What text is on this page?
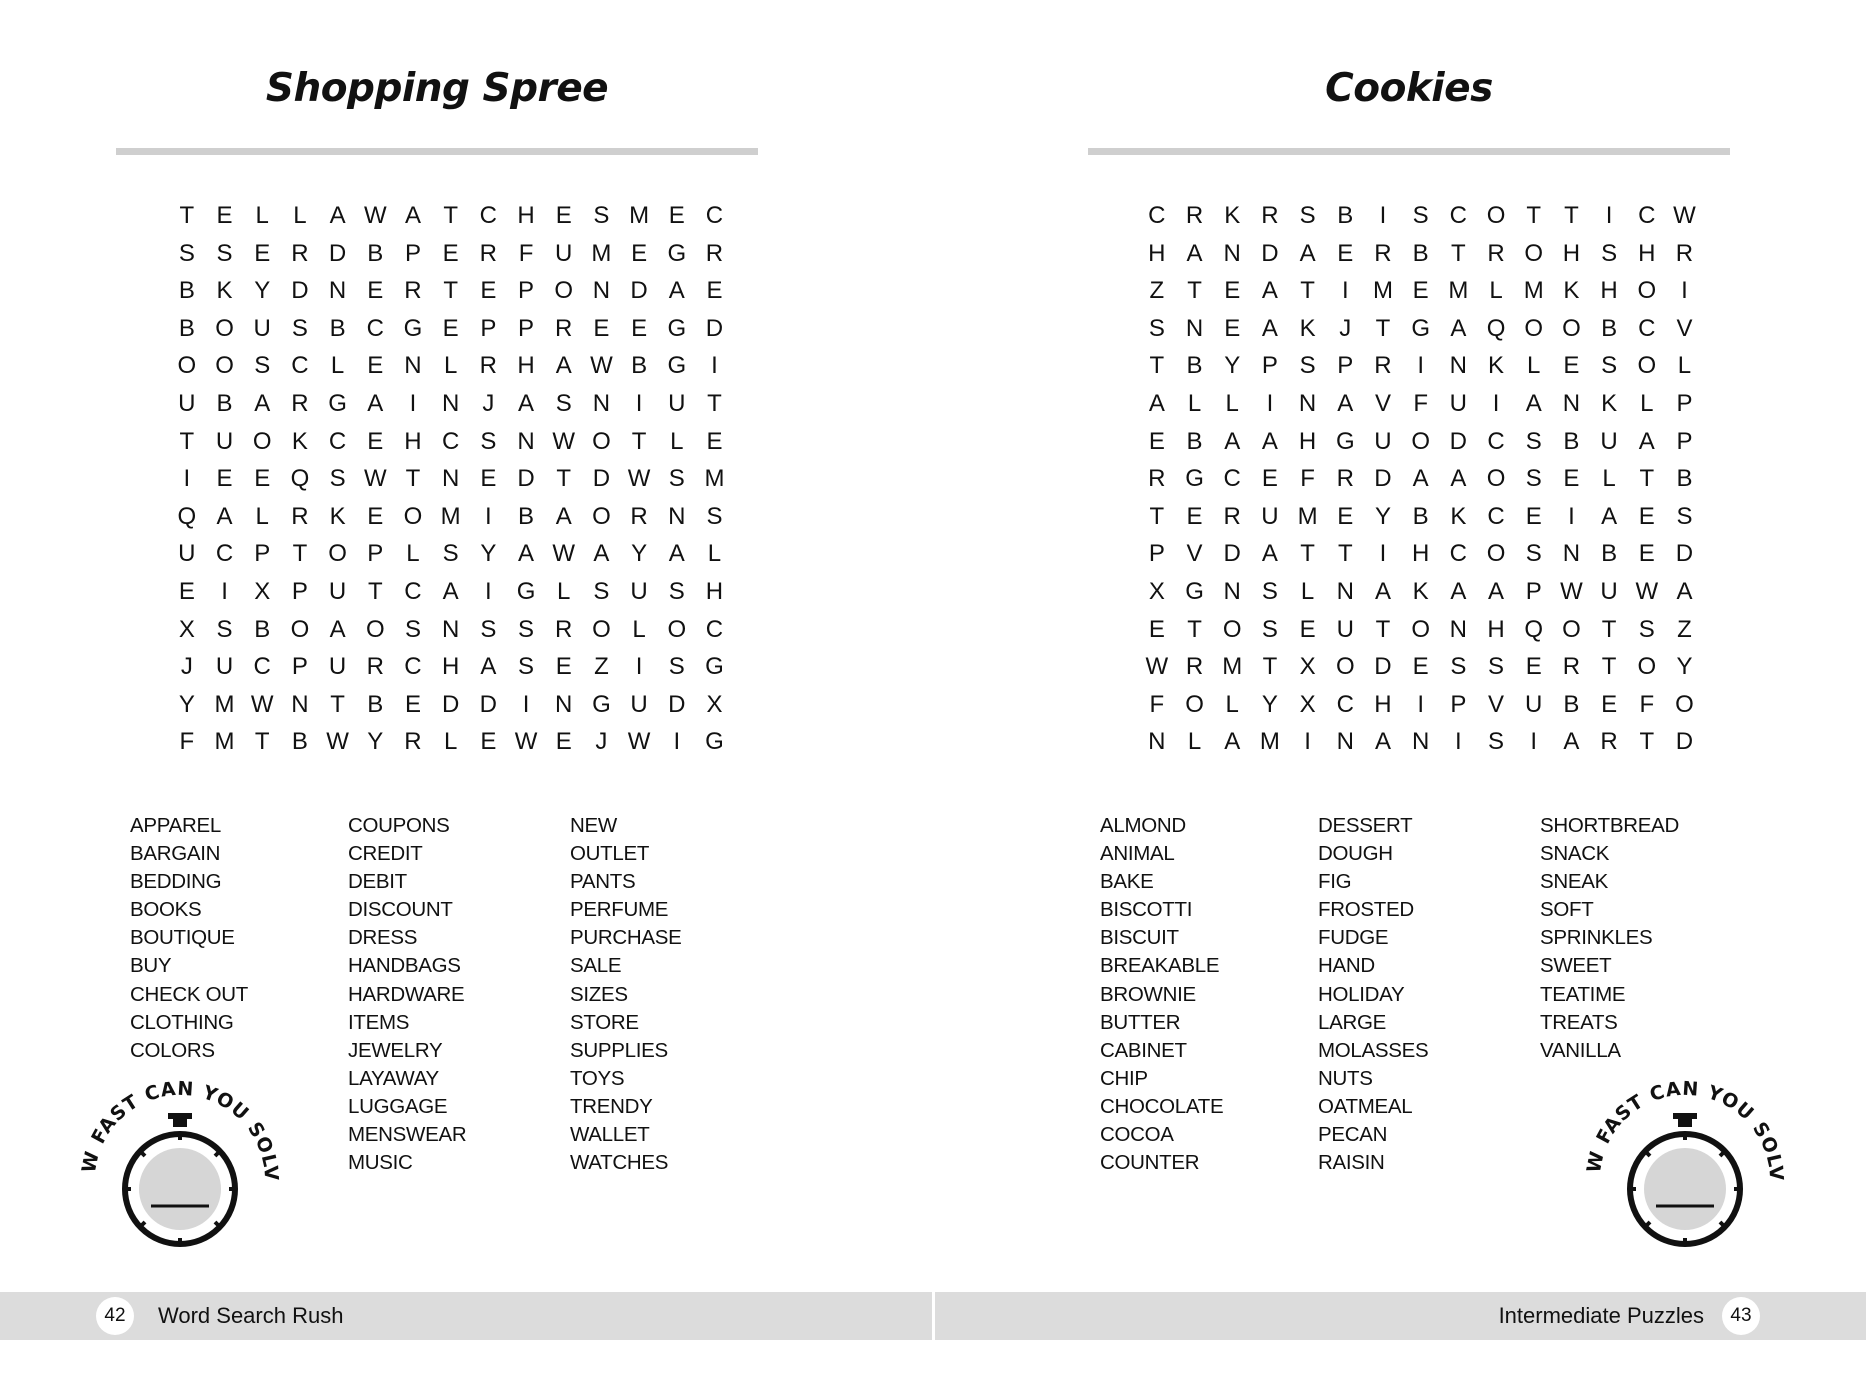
Shopping Spree
T E L L A W A T C H E S M E C
S S E R D B P E R F U M E G R
B K Y D N E R T E P O N D A E
B O U S B C G E P P R E E G D
O O S C L E N L R H A W B G I
U B A R G A I N J A S N I U T
T U O K C E H C S N W O T L E
I E E Q S W T N E D T D W S M
Q A L R K E O M I B A O R N S
U C P T O P L S Y A W A Y A L
E I X P U T C A I G L S U S H
X S B O A O S N S S R O L O C
J U C P U R C H A S E Z I S G
Y M W N T B E D D I N G U D X
F M T B W Y R L E W E J W I G
APPAREL
BARGAIN
BEDDING
BOOKS
BOUTIQUE
BUY
CHECK OUT
CLOTHING
COLORS
COUPONS
CREDIT
DEBIT
DISCOUNT
DRESS
HANDBAGS
HARDWARE
ITEMS
JEWELRY
LAYAWAY
LUGGAGE
MENSWEAR
MUSIC
NEW
OUTLET
PANTS
PERFUME
PURCHASE
SALE
SIZES
STORE
SUPPLIES
TOYS
TRENDY
WALLET
WATCHES
W FAST CAN YOU SOLV
Cookies
C R K R S B I S C O T T I C W
H A N D A E R B T R O H S H R
Z T E A T I M E M L M K H O I
S N E A K J T G A Q O O B C V
T B Y P S P R I N K L E S O L
A L L I N A V F U I A N K L P
E B A A H G U O D C S B U A P
R G C E F R D A A O S E L T B
T E R U M E Y B K C E I A E S
P V D A T T I H C O S N B E D
X G N S L N A K A A P W U W A
E T O S E U T O N H Q O T S Z
W R M T X O D E S S E R T O Y
F O L Y X C H I P V U B E F O
N L A M I N A N I S I A R T D
ALMOND
ANIMAL
BAKE
BISCOTTI
BISCUIT
BREAKABLE
BROWNIE
BUTTER
CABINET
CHIP
CHOCOLATE
COCOA
COUNTER
DESSERT
DOUGH
FIG
FROSTED
FUDGE
HAND
HOLIDAY
LARGE
MOLASSES
NUTS
OATMEAL
PECAN
RAISIN
SHORTBREAD
SNACK
SNEAK
SOFT
SPRINKLES
SWEET
TEATIME
TREATS
VANILLA
W FAST CAN YOU SOLV
42	Word Search Rush	Intermediate Puzzles	43
